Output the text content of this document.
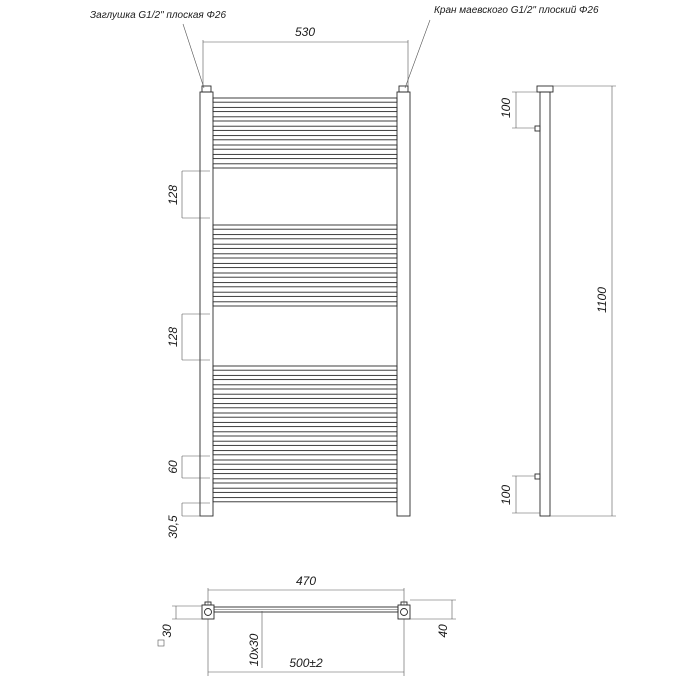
530
Заглушка G1/2" плоская Φ26	Кран маевского G1/2" плоский Φ26
128
128
60
30,5
1100
100
100
470
30
10x30
40
500±2
